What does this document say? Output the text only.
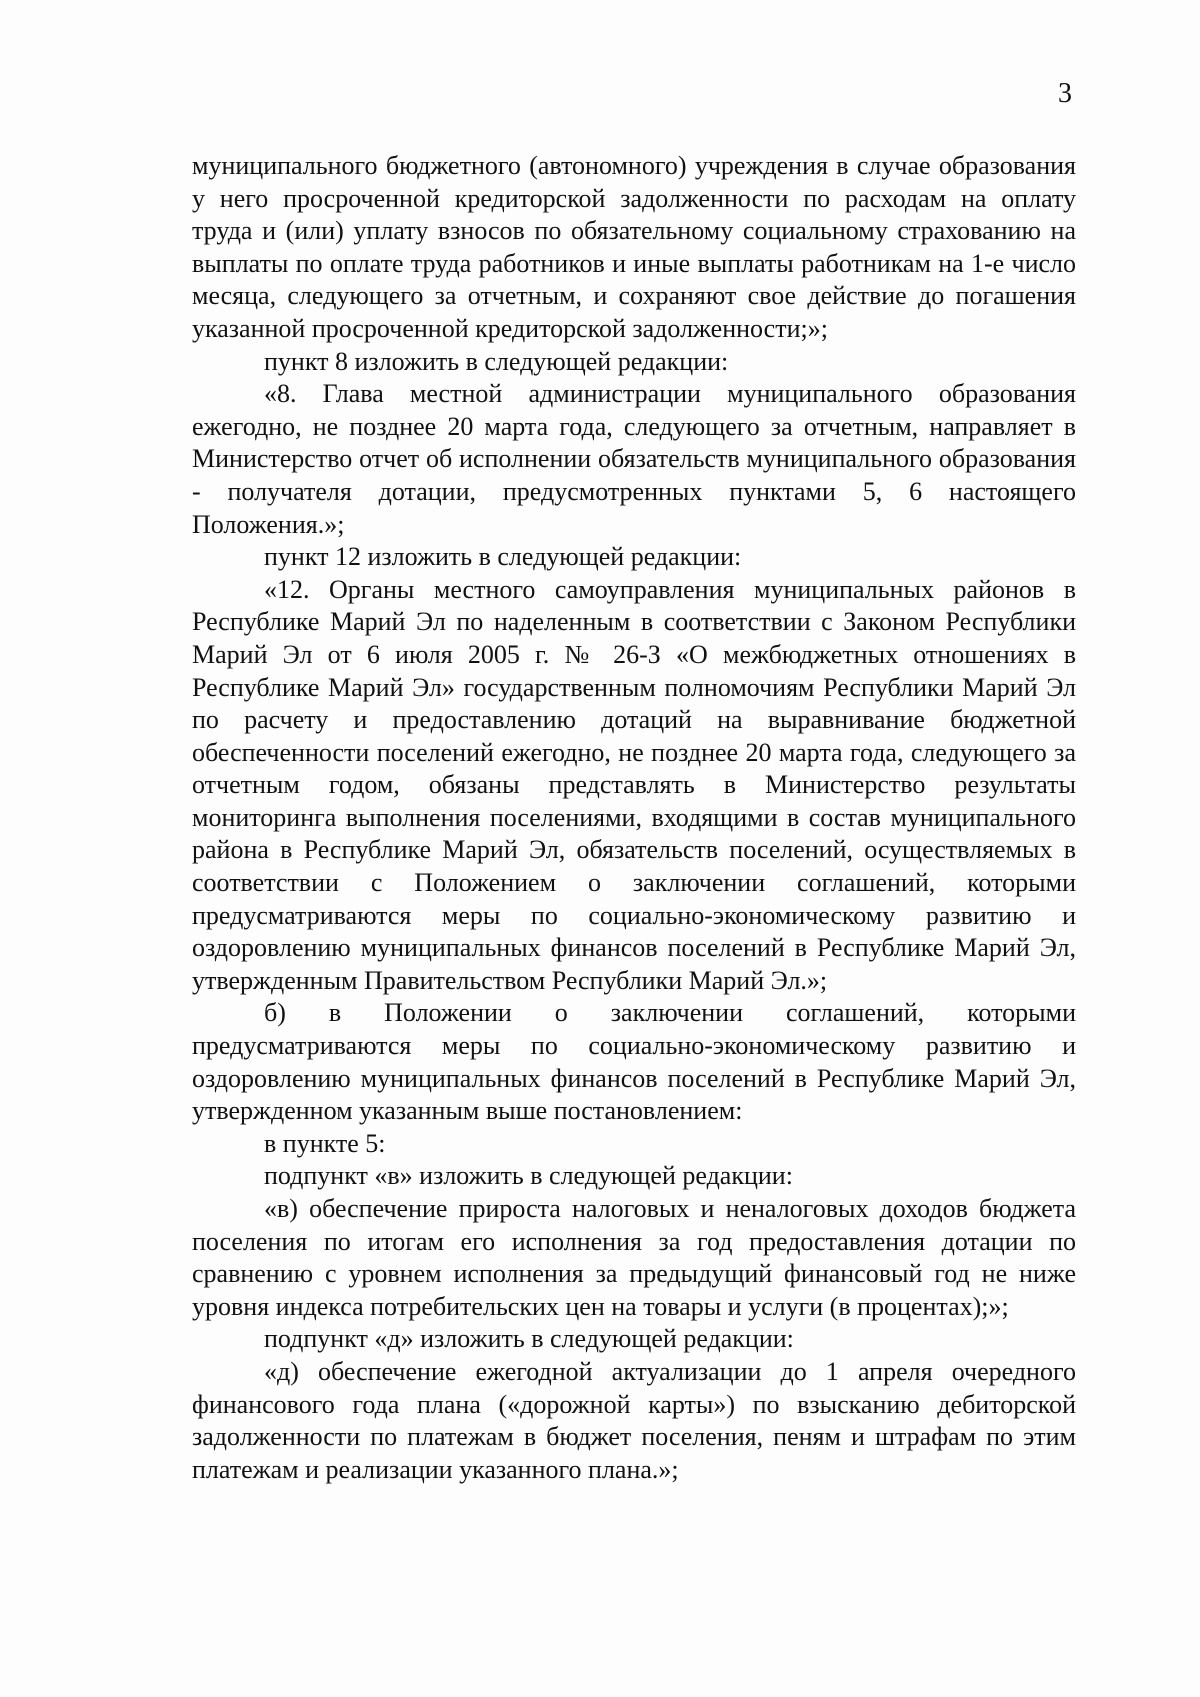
3

муниципального бюджетного (автономного) учреждения в случае образования у него просроченной кредиторской задолженности по расходам на оплату труда и (или) уплату взносов по обязательному социальному страхованию на выплаты по оплате труда работников и иные выплаты работникам на 1-е число месяца, следующего за отчетным, и сохраняют свое действие до погашения указанной просроченной кредиторской задолженности;»;

пункт 8 изложить в следующей редакции:

«8. Глава местной администрации муниципального образования ежегодно, не позднее 20 марта года, следующего за отчетным, направляет в Министерство отчет об исполнении обязательств муниципального образования - получателя дотации, предусмотренных пунктами 5, 6 настоящего Положения.»;

пункт 12 изложить в следующей редакции:

«12. Органы местного самоуправления муниципальных районов в Республике Марий Эл по наделенным в соответствии с Законом Республики Марий Эл от 6 июля 2005 г. № 26-З «О межбюджетных отношениях в Республике Марий Эл» государственным полномочиям Республики Марий Эл по расчету и предоставлению дотаций на выравнивание бюджетной обеспеченности поселений ежегодно, не позднее 20 марта года, следующего за отчетным годом, обязаны представлять в Министерство результаты мониторинга выполнения поселениями, входящими в состав муниципального района в Республике Марий Эл, обязательств поселений, осуществляемых в соответствии с Положением о заключении соглашений, которыми предусматриваются меры по социально-экономическому развитию и оздоровлению муниципальных финансов поселений в Республике Марий Эл, утвержденным Правительством Республики Марий Эл.»;

б) в Положении о заключении соглашений, которыми предусматриваются меры по социально-экономическому развитию и оздоровлению муниципальных финансов поселений в Республике Марий Эл, утвержденном указанным выше постановлением:

в пункте 5:

подпункт «в» изложить в следующей редакции:

«в) обеспечение прироста налоговых и неналоговых доходов бюджета поселения по итогам его исполнения за год предоставления дотации по сравнению с уровнем исполнения за предыдущий финансовый год не ниже уровня индекса потребительских цен на товары и услуги (в процентах);»;

подпункт «д» изложить в следующей редакции:

«д) обеспечение ежегодной актуализации до 1 апреля очередного финансового года плана («дорожной карты») по взысканию дебиторской задолженности по платежам в бюджет поселения, пеням и штрафам по этим платежам и реализации указанного плана.»;
